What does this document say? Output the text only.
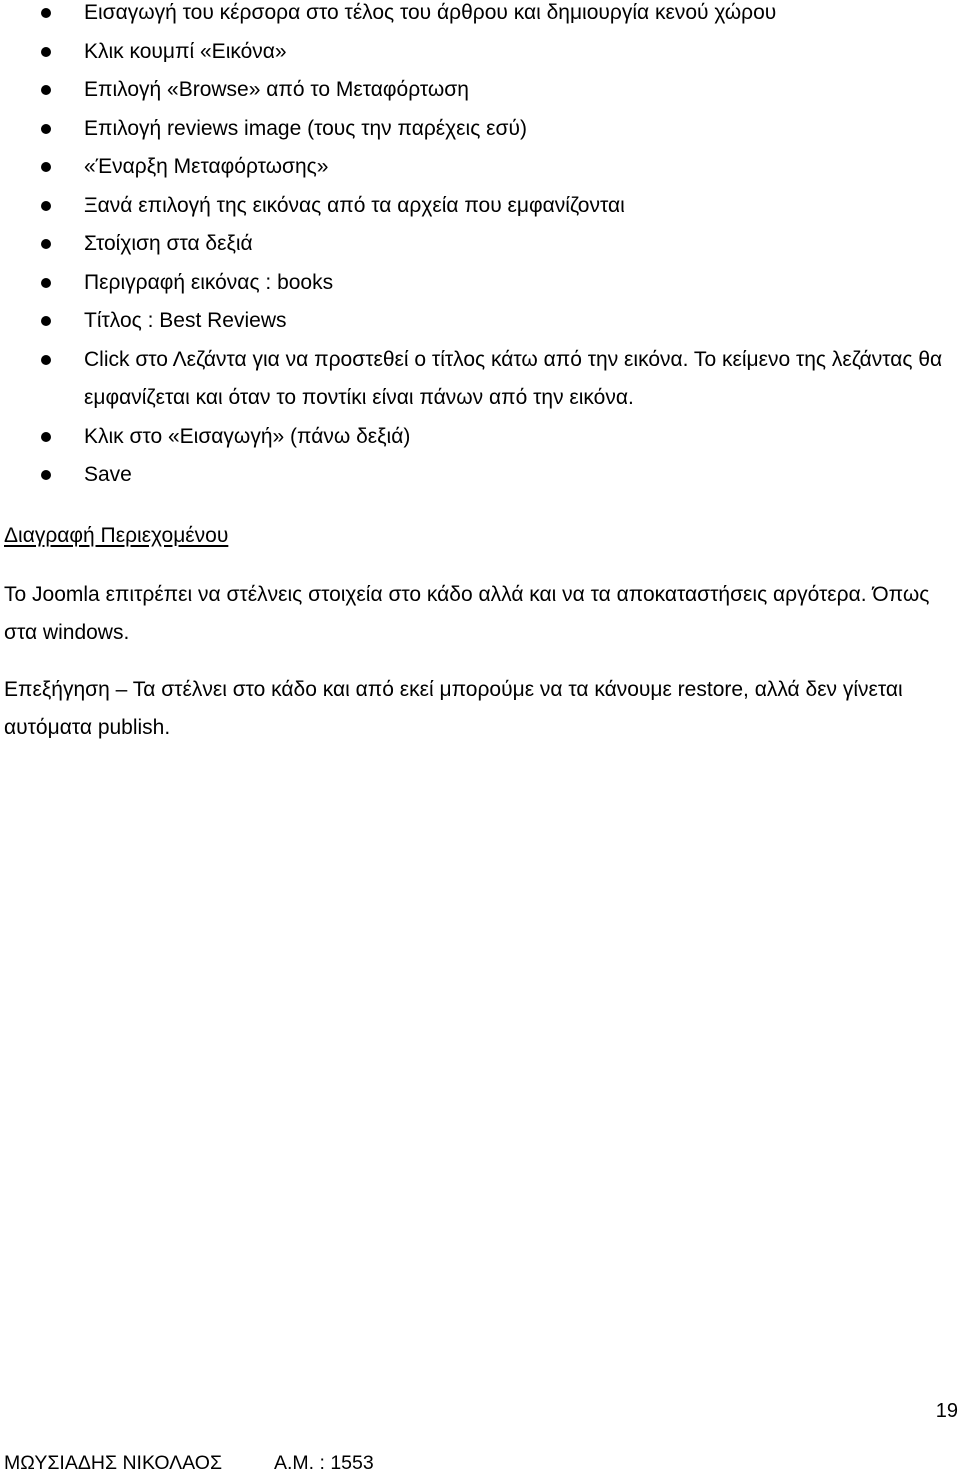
Εισαγωγή του κέρσορα στο τέλος του άρθρου και δημιουργία κενού χώρου
Κλικ κουμπί «Εικόνα»
Επιλογή «Browse» από το Μεταφόρτωση
Επιλογή reviews image (τους την παρέχεις εσύ)
«Έναρξη Μεταφόρτωσης»
Ξανά επιλογή της εικόνας από τα αρχεία που εμφανίζονται
Στοίχιση στα δεξιά
Περιγραφή εικόνας : books
Τίτλος : Best Reviews
Click στο Λεζάντα για να προστεθεί ο τίτλος κάτω από την εικόνα. Το κείμενο της λεζάντας θα εμφανίζεται και όταν το ποντίκι είναι πάνων από την εικόνα.
Κλικ στο «Εισαγωγή» (πάνω δεξιά)
Save
Διαγραφή Περιεχομένου

Το Joomla επιτρέπει να στέλνεις στοιχεία στο κάδο αλλά και να τα αποκαταστήσεις αργότερα. Όπως στα windows.

Επεξήγηση – Τα στέλνει στο κάδο και από εκεί μπορούμε να τα κάνουμε restore, αλλά δεν γίνεται αυτόματα publish.

19
ΜΩΥΣΙΑΔΗΣ ΝΙΚΟΛΑΟΣ	Α.Μ. : 1553
